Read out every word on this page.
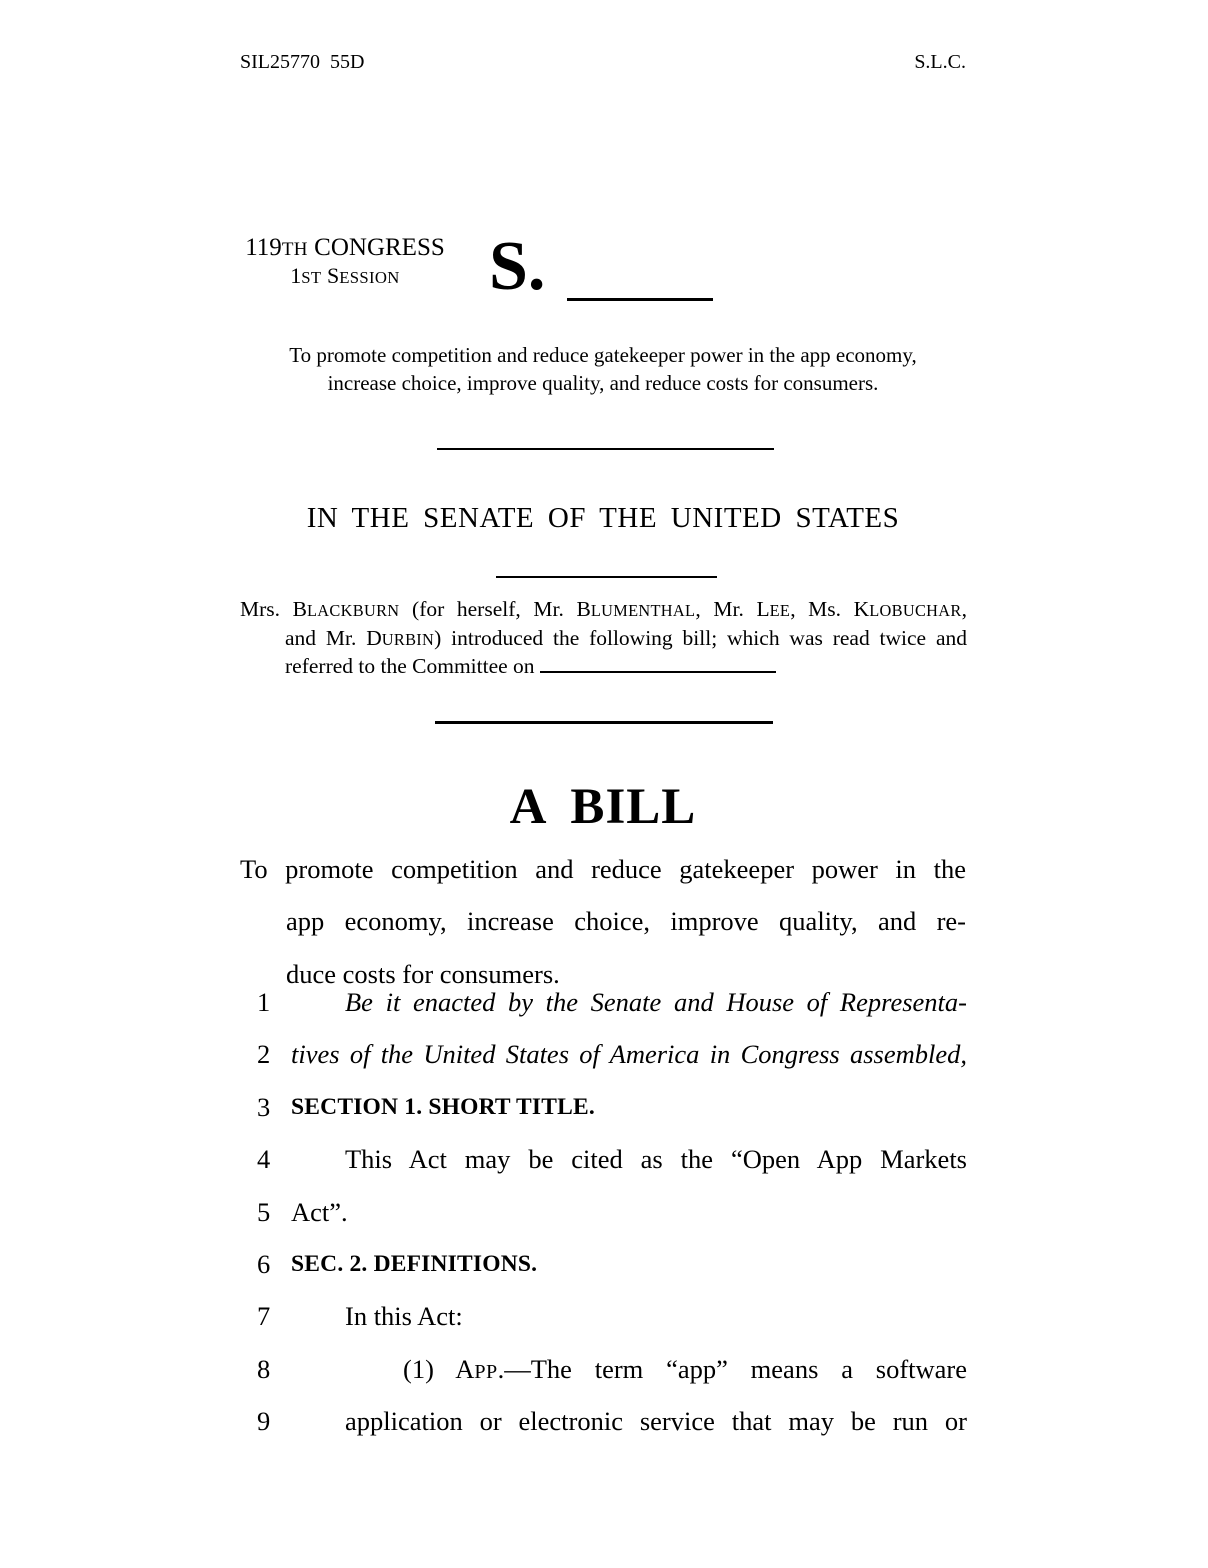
SIL25770  55D	S.L.C.
119TH CONGRESS
1ST SESSION	S.
To promote competition and reduce gatekeeper power in the app economy,
increase choice, improve quality, and reduce costs for consumers.
IN THE SENATE OF THE UNITED STATES
Mrs. BLACKBURN (for herself, Mr. BLUMENTHAL, Mr. LEE, Ms. KLOBUCHAR,
and Mr. DURBIN) introduced the following bill; which was read twice and
referred to the Committee on
A BILL
To promote competition and reduce gatekeeper power in the
app economy, increase choice, improve quality, and re-
duce costs for consumers.
1	Be it enacted by the Senate and House of Representa-
2 tives of the United States of America in Congress assembled,
3 SECTION 1. SHORT TITLE.
4	This Act may be cited as the “Open App Markets
5 Act”.
6 SEC. 2. DEFINITIONS.
7	In this Act:
8	(1) APP.—The term “app” means a software
9	application or electronic service that may be run or
